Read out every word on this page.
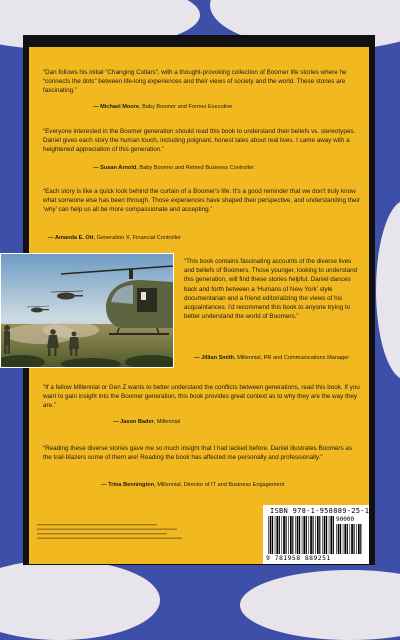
“Dan follows his initial “Changing Collars”, with a thought-provoking collection of Boomer life stories where he “connects the dots” between life-long experiences and their views of society and the world. These stories are fascinating.”

— Michael Moore, Baby Boomer and Former Executive

“Everyone interested in the Boomer generation should read this book to understand their beliefs vs. stereotypes. Daniel gives each story the human touch, including poignant, honest tales about real lives. I came away with a heightened appreciation of this generation.”

— Susan Arnold, Baby Boomer and Retired Business Controller

“Each story is like a quick look behind the curtain of a Boomer's life. It's a good reminder that we don't truly know what someone else has been through. Those experiences have shaped their perspective, and understanding their ‘why’ can help us all be more compassionate and accepting.”

— Amanda E. Ott, Generation X, Financial Controller

“This book contains fascinating accounts of the diverse lives and beliefs of Boomers. Those younger, looking to understand this generation, will find these stories helpful. Daniel dances back and forth between a ‘Humans of New York’ style documentarian and a friend editorializing the views of his acquaintances. I'd recommend this book to anyone trying to better understand the world of Boomers.”

— Jillian Smith, Millennial, PR and Communications Manager

“If a fellow Millennial or Gen Z wants to better understand the conflicts between generations, read this book. If you want to gain insight into the Boomer generation, this book provides great context as to why they are the way they are.”

— Jason Bader, Millennial

“Reading these diverse stories gave me so much insight that I had lacked before. Daniel illustrates Boomers as the trail-blazers some of them are! Reading the book has affected me personally and professionally.”

— Trina Bennington, Millennial, Director of IT and Business Engagement
ISBN 978-1-958889-25-1
90000
9 781958 889251
